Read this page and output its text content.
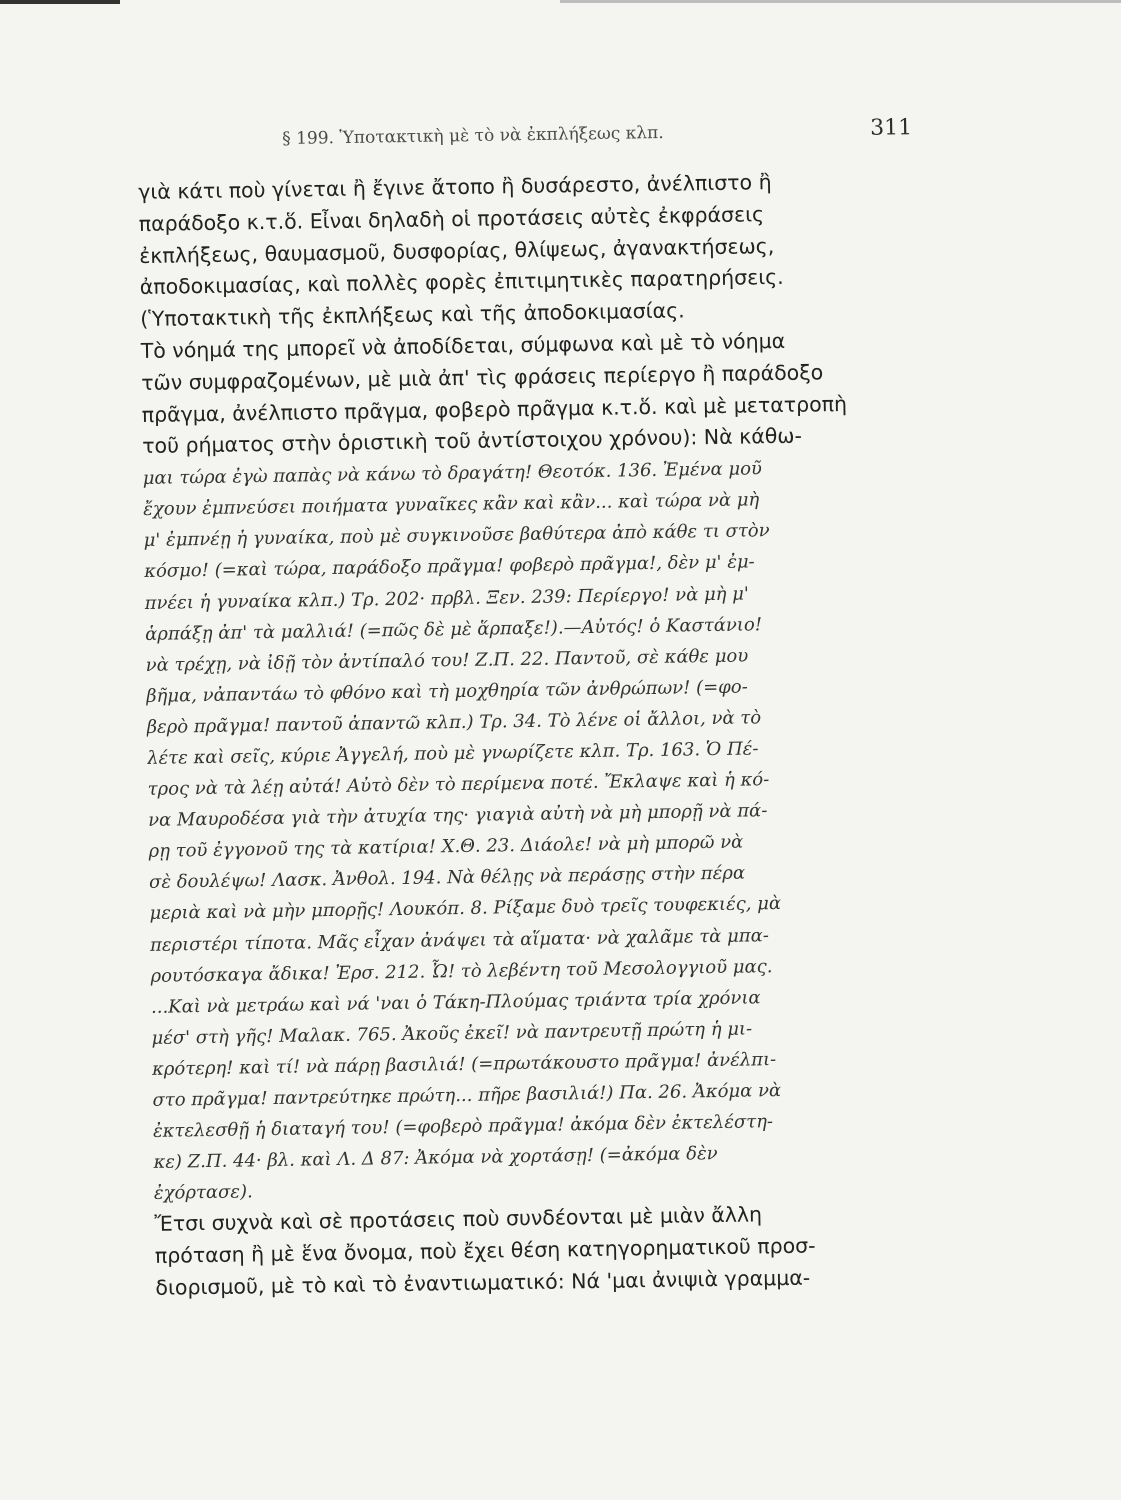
§ 199. Ὑποτακτικὴ μὲ τὸ νὰ ἐκπλήξεως κλπ.	311
γιὰ κάτι ποὺ γίνεται ἢ ἔγινε ἄτοπο ἢ δυσάρεστο, ἀνέλπιστο ἢ
παράδοξο κ.τ.ὅ. Εἶναι δηλαδὴ οἱ προτάσεις αὐτὲς ἐκφράσεις
ἐκπλήξεως, θαυμασμοῦ, δυσφορίας, θλίψεως, ἀγανακτήσεως,
ἀποδοκιμασίας, καὶ πολλὲς φορὲς ἐπιτιμητικὲς παρατηρήσεις.
(Ὑποτακτικὴ τῆς ἐκπλήξεως καὶ τῆς ἀποδοκιμασίας.
Τὸ νόημά της μπορεῖ νὰ ἀποδίδεται, σύμφωνα καὶ μὲ τὸ νόημα
τῶν συμφραζομένων, μὲ μιὰ ἀπ' τὶς φράσεις περίεργο ἢ παράδοξο
πρᾶγμα, ἀνέλπιστο πρᾶγμα, φοβερὸ πρᾶγμα κ.τ.ὅ. καὶ μὲ μετατροπὴ
τοῦ ρήματος στὴν ὁριστικὴ τοῦ ἀντίστοιχου χρόνου): Νὰ κάθω-
μαι τώρα ἐγὼ παπὰς νὰ κάνω τὸ δραγάτη! Θεοτόκ. 136. Ἐμένα μοῦ
ἔχουν ἐμπνεύσει ποιήματα γυναῖκες κἂν καὶ κἂν... καὶ τώρα νὰ μὴ
μ' ἐμπνέῃ ἡ γυναίκα, ποὺ μὲ συγκινοῦσε βαθύτερα ἀπὸ κάθε τι στὸν
κόσμο! (=καὶ τώρα, παράδοξο πρᾶγμα! φοβερὸ πρᾶγμα!, δὲν μ' ἐμ-
πνέει ἡ γυναίκα κλπ.) Τρ. 202· πρβλ. Ξεν. 239: Περίεργο! νὰ μὴ μ'
ἁρπάξῃ ἀπ' τὰ μαλλιά! (=πῶς δὲ μὲ ἅρπαξε!).—Αὐτός! ὁ Καστάνιο!
νὰ τρέχῃ, νὰ ἰδῇ τὸν ἀντίπαλό του! Ζ.Π. 22. Παντοῦ, σὲ κάθε μου
βῆμα, νἀπαντάω τὸ φθόνο καὶ τὴ μοχθηρία τῶν ἀνθρώπων! (=φο-
βερὸ πρᾶγμα! παντοῦ ἀπαντῶ κλπ.) Τρ. 34. Τὸ λένε οἱ ἄλλοι, νὰ τὸ
λέτε καὶ σεῖς, κύριε Ἀγγελή, ποὺ μὲ γνωρίζετε κλπ. Τρ. 163. Ὁ Πέ-
τρος νὰ τὰ λέῃ αὐτά! Αὐτὸ δὲν τὸ περίμενα ποτέ. Ἔκλαψε καὶ ἡ κό-
να Μαυροδέσα γιὰ τὴν ἀτυχία της· γιαγιὰ αὐτὴ νὰ μὴ μπορῇ νὰ πά-
ρῃ τοῦ ἐγγονοῦ της τὰ κατίρια! Χ.Θ. 23. Διάολε! νὰ μὴ μπορῶ νὰ
σὲ δουλέψω! Λασκ. Ἀνθολ. 194. Νὰ θέλῃς νὰ περάσῃς στὴν πέρα
μεριὰ καὶ νὰ μὴν μπορῇς! Λουκόπ. 8. Ρίξαμε δυὸ τρεῖς τουφεκιές, μὰ
περιστέρι τίποτα. Μᾶς εἶχαν ἀνάψει τὰ αἵματα· νὰ χαλᾶμε τὰ μπα-
ρουτόσκαγα ἄδικα! Ἐρσ. 212. Ὦ! τὸ λεβέντη τοῦ Μεσολογγιοῦ μας.
...Καὶ νὰ μετράω καὶ νά 'ναι ὁ Τάκη-Πλούμας τριάντα τρία χρόνια
μέσ' στὴ γῆς! Μαλακ. 765. Ἀκοῦς ἐκεῖ! νὰ παντρευτῇ πρώτη ἡ μι-
κρότερη! καὶ τί! νὰ πάρῃ βασιλιά! (=πρωτάκουστο πρᾶγμα! ἀνέλπι-
στο πρᾶγμα! παντρεύτηκε πρώτη... πῆρε βασιλιά!) Πα. 26. Ἀκόμα νὰ
ἐκτελεσθῇ ἡ διαταγή του! (=φοβερὸ πρᾶγμα! ἀκόμα δὲν ἐκτελέστη-
κε) Ζ.Π. 44· βλ. καὶ Λ. Δ 87: Ἀκόμα νὰ χορτάσῃ! (=ἀκόμα δὲν
ἐχόρτασε).
Ἔτσι συχνὰ καὶ σὲ προτάσεις ποὺ συνδέονται μὲ μιὰν ἄλλη
πρόταση ἢ μὲ ἕνα ὄνομα, ποὺ ἔχει θέση κατηγορηματικοῦ προσ-
διορισμοῦ, μὲ τὸ καὶ τὸ ἐναντιωματικό: Νά 'μαι ἀνιψιὰ γραμμα-
